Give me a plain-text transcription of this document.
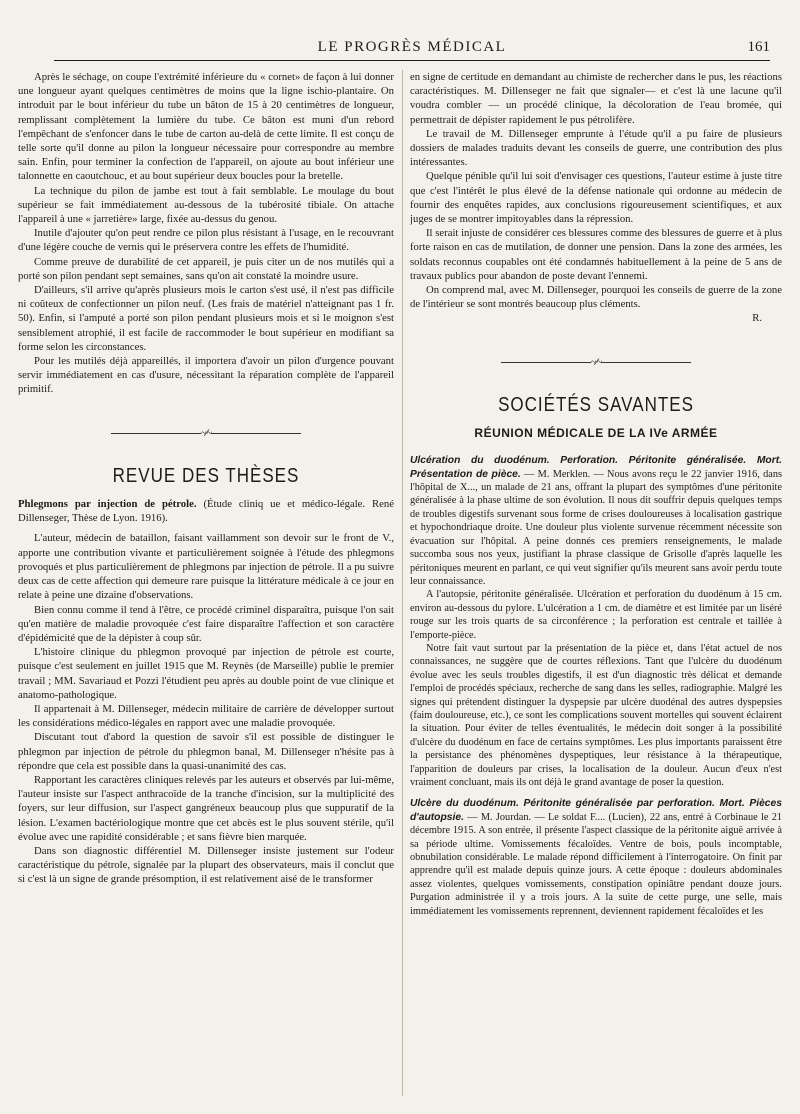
LE PROGRÈS MÉDICAL	161

Après le séchage, on coupe l'extrémité inférieure du « cornet» de façon à lui donner une longueur ayant quelques centimètres de moins que la ligne ischio-plantaire. On introduit par le bout inférieur du tube un bâton de 15 à 20 centimètres de longueur, remplissant complètement la lumière du tube. Ce bâton est muni d'un rebord l'empêchant de s'enfoncer dans le tube de carton au-delà de cette limite. Il est conçu de telle sorte qu'il donne au pilon la longueur nécessaire pour correspondre au membre sain. Enfin, pour terminer la confection de l'appareil, on ajoute au bout inférieur une talonnette en caoutchouc, et au bout supérieur deux boucles pour la bretelle.

La technique du pilon de jambe est tout à fait semblable. Le moulage du bout supérieur se fait immédiatement au-dessous de la tubérosité tibiale. On attache l'appareil à une « jarretière» large, fixée au-dessus du genou.

Inutile d'ajouter qu'on peut rendre ce pilon plus résistant à l'usage, en le recouvrant d'une légère couche de vernis qui le préservera contre les effets de l'humidité.

Comme preuve de durabilité de cet appareil, je puis citer un de nos mutilés qui a porté son pilon pendant sept semaines, sans qu'on ait constaté la moindre usure.

D'ailleurs, s'il arrive qu'après plusieurs mois le carton s'est usé, il n'est pas difficile ni coûteux de confectionner un pilon neuf. (Les frais de matériel n'atteignant pas 1 fr. 50). Enfin, si l'amputé a porté son pilon pendant plusieurs mois et si le moignon s'est sensiblement atrophié, il est facile de raccommoder le bout supérieur en modifiant sa forme selon les circonstances.

Pour les mutilés déjà appareillés, il importera d'avoir un pilon d'urgence pouvant servir immédiatement en cas d'usure, nécessitant la réparation complète de l'appareil primitif.

~∕∕~
REVUE DES THÈSES

Phlegmons par injection de pétrole. (Étude cliniq ue et médico-légale. René Dillenseger, Thèse de Lyon. 1916).

L'auteur, médecin de bataillon, faisant vaillamment son devoir sur le front de V., apporte une contribution vivante et particulièrement soignée à l'étude des phlegmons provoqués et plus particulièrement de phlegmons par injection de pétrole. Il a pu suivre deux cas de cette affection qui demeure rare puisque la littérature médicale à ce jour en relate à peine une dizaine d'observations.

Bien connu comme il tend à l'être, ce procédé criminel disparaîtra, puisque l'on sait qu'en matière de maladie provoquée c'est faire disparaître l'affection et son caractère d'épidémicité que de la dépister à coup sûr.

L'histoire clinique du phlegmon provoqué par injection de pétrole est courte, puisque c'est seulement en juillet 1915 que M. Reynès (de Marseille) publie le premier travail ; MM. Savariaud et Pozzi l'étudient peu après au double point de vue clinique et anatomo-pathologique.

Il appartenait à M. Dillenseger, médecin militaire de carrière de développer surtout les considérations médico-légales en rapport avec une maladie provoquée.

Discutant tout d'abord la question de savoir s'il est possible de distinguer le phlegmon par injection de pétrole du phlegmon banal, M. Dillenseger n'hésite pas à répondre que cela est possible dans la quasi-unanimité des cas.

Rapportant les caractères cliniques relevés par les auteurs et observés par lui-même, l'auteur insiste sur l'aspect anthracoïde de la tranche d'incision, sur la multiplicité des foyers, sur leur diffusion, sur l'aspect gangréneux beaucoup plus que suppuratif de la lésion. L'examen bactériologique montre que cet abcès est le plus souvent stérile, qu'il évolue avec une rapidité considérable ; et sans fièvre bien marquée.

Dans son diagnostic différentiel M. Dillenseger insiste justement sur l'odeur caractéristique du pétrole, signalée par la plupart des observateurs, mais il conclut que si c'est là un signe de grande présomption, il est relativement aisé de le transformer

en signe de certitude en demandant au chimiste de rechercher dans le pus, les réactions caractéristiques. M. Dillenseger ne fait que signaler— et c'est là une lacune qu'il voudra combler — un procédé clinique, la décoloration de l'eau bromée, qui permettrait de dépister rapidement le pus pétrolifère.

Le travail de M. Dillenseger emprunte à l'étude qu'il a pu faire de plusieurs dossiers de malades traduits devant les conseils de guerre, une contribution des plus intéressantes.

Quelque pénible qu'il lui soit d'envisager ces questions, l'auteur estime à juste titre que c'est l'intérêt le plus élevé de la défense nationale qui ordonne au médecin de fournir des enquêtes rapides, aux conclusions rigoureusement scientifiques, et aux juges de se montrer impitoyables dans la répression.

Il serait injuste de considérer ces blessures comme des blessures de guerre et à plus forte raison en cas de mutilation, de donner une pension. Dans la zone des armées, les soldats reconnus coupables ont été condamnés habituellement à la peine de 5 ans de travaux publics pour abandon de poste devant l'ennemi.

On comprend mal, avec M. Dillenseger, pourquoi les conseils de guerre de la zone de l'intérieur se sont montrés beaucoup plus cléments.

R.
~∕∕~
SOCIÉTÉS SAVANTES
RÉUNION MÉDICALE DE LA IVe ARMÉE

Ulcération du duodénum. Perforation. Péritonite généralisée. Mort. Présentation de pièce. — M. Merklen. — Nous avons reçu le 22 janvier 1916, dans l'hôpital de X..., un malade de 21 ans, offrant la plupart des symptômes d'une péritonite généralisée à la phase ultime de son évolution. Il nous dit souffrir depuis quelques temps de troubles digestifs survenant sous forme de crises douloureuses à localisation gastrique et hypochondriaque droite. Une douleur plus violente survenue récemment nécessite son évacuation sur l'hôpital. A peine donnés ces premiers renseignements, le malade succomba sous nos yeux, justifiant la phrase classique de Grisolle d'après laquelle les péritoniques meurent en parlant, ce qui veut signifier qu'ils meurent sans avoir perdu toute leur connaissance.

A l'autopsie, péritonite généralisée. Ulcération et perforation du duodénum à 15 cm. environ au-dessous du pylore. L'ulcération a 1 cm. de diamètre et est limitée par un liséré rouge sur les trois quarts de sa circonférence ; la perforation est centrale et taillée à l'emporte-pièce.

Notre fait vaut surtout par la présentation de la pièce et, dans l'état actuel de nos connaissances, ne suggère que de courtes réflexions. Tant que l'ulcère du duodénum évolue avec les seuls troubles digestifs, il est d'un diagnostic très délicat et demande l'emploi de procédés spéciaux, recherche de sang dans les selles, radiographie. Malgré les signes qui prétendent distinguer la dyspepsie par ulcère duodénal des autres dyspepsies (faim douloureuse, etc.), ce sont les complications souvent mortelles qui souvent éclairent la situation. Pour éviter de telles éventualités, le médecin doit songer à la possibilité d'ulcère du duodénum en face de certains symptômes. Les plus importants paraissent être la persistance des phénomènes dyspeptiques, leur résistance à la thérapeutique, l'apparition de douleurs par crises, la localisation de la douleur. Aucun d'eux n'est vraiment concluant, mais ils ont déjà le grand avantage de poser la question.

Ulcère du duodénum. Péritonite généralisée par perforation. Mort. Pièces d'autopsie. — M. Jourdan. — Le soldat F.... (Lucien), 22 ans, entré à Corbinaue le 21 décembre 1915. A son entrée, il présente l'aspect classique de la péritonite aiguë arrivée à sa période ultime. Vomissements fécaloïdes. Ventre de bois, pouls incomptable, obnubilation considérable. Le malade répond difficilement à l'interrogatoire. On finit par apprendre qu'il est malade depuis quinze jours. A cette époque : douleurs abdominales assez violentes, quelques vomissements, constipation opiniâtre pendant douze jours. Purgation administrée il y a trois jours. A la suite de cette purge, une selle, mais immédiatement les vomissements reprennent, deviennent rapidement fécaloïdes et les
